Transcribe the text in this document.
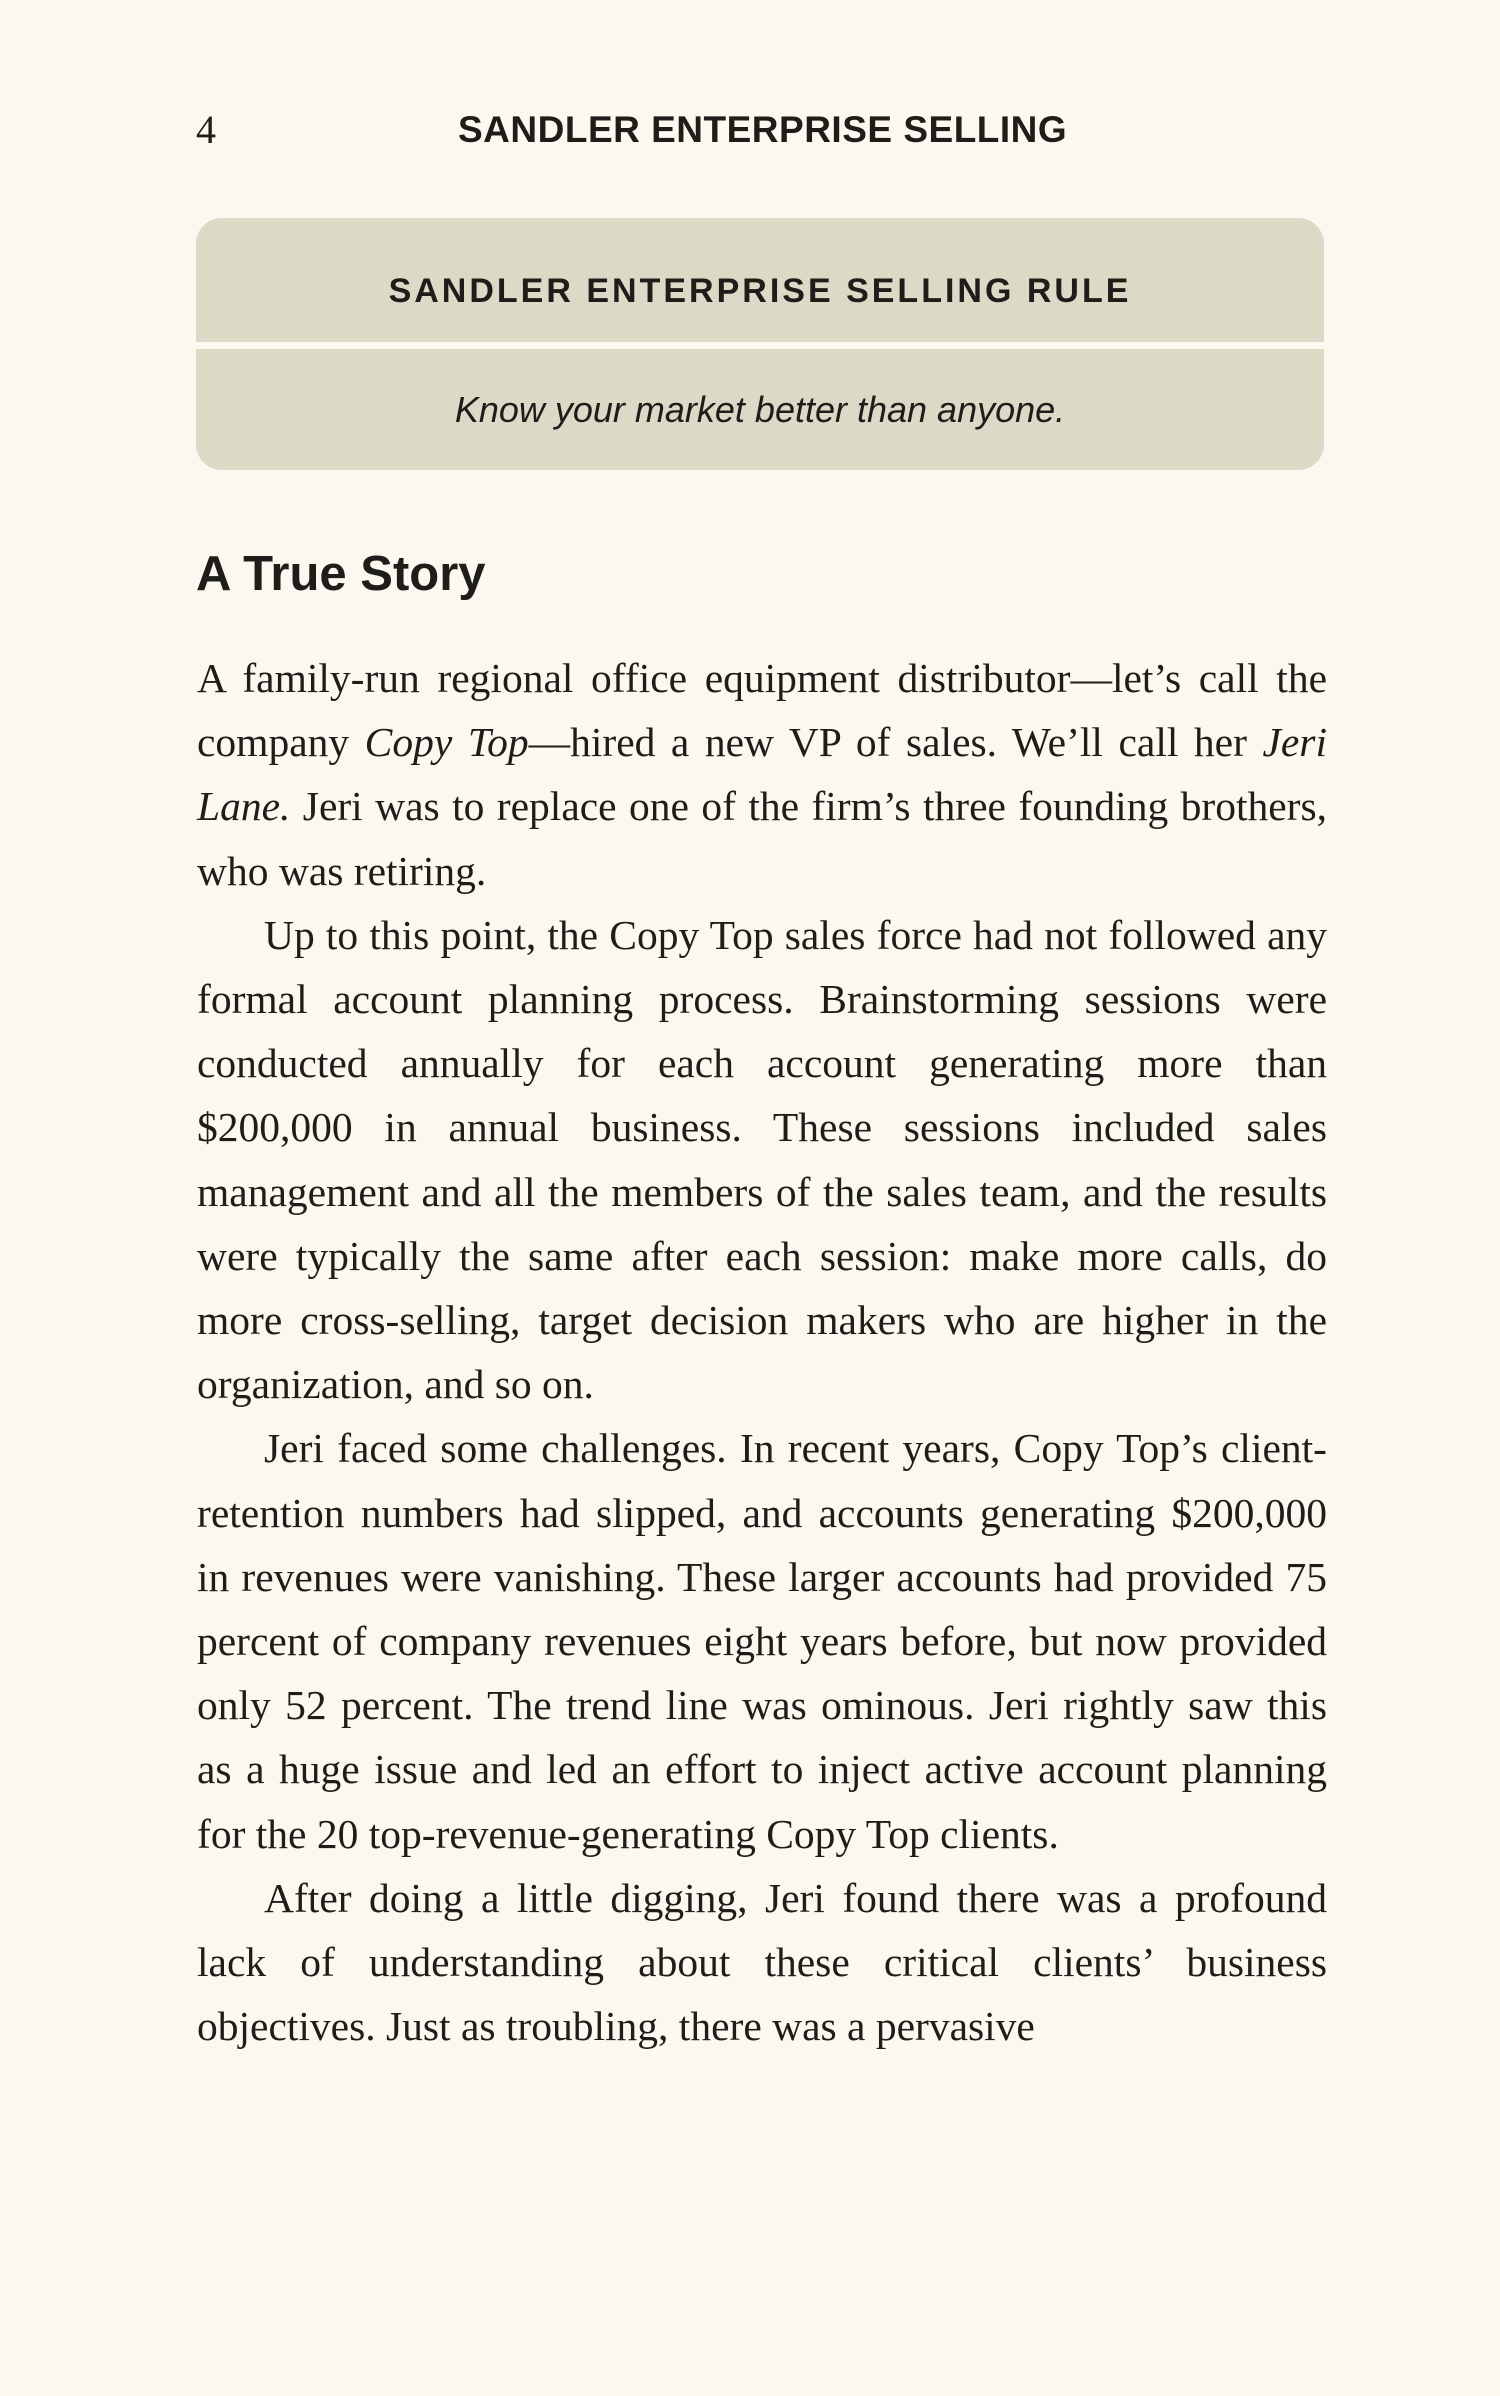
4	SANDLER ENTERPRISE SELLING
SANDLER ENTERPRISE SELLING RULE
Know your market better than anyone.
A True Story

A family-run regional office equipment distributor—let’s call the company Copy Top—hired a new VP of sales. We’ll call her Jeri Lane. Jeri was to replace one of the firm’s three founding brothers, who was retiring.

Up to this point, the Copy Top sales force had not followed any formal account planning process. Brainstorming sessions were conducted annually for each account generating more than $200,000 in annual business. These sessions included sales management and all the members of the sales team, and the results were typically the same after each session: make more calls, do more cross-selling, target decision makers who are higher in the organization, and so on.

Jeri faced some challenges. In recent years, Copy Top’s client-retention numbers had slipped, and accounts generating $200,000 in revenues were vanishing. These larger accounts had provided 75 percent of company revenues eight years before, but now provided only 52 percent. The trend line was ominous. Jeri rightly saw this as a huge issue and led an effort to inject active account planning for the 20 top-revenue-generating Copy Top clients.

After doing a little digging, Jeri found there was a profound lack of understanding about these critical clients’ business objectives. Just as troubling, there was a pervasive
